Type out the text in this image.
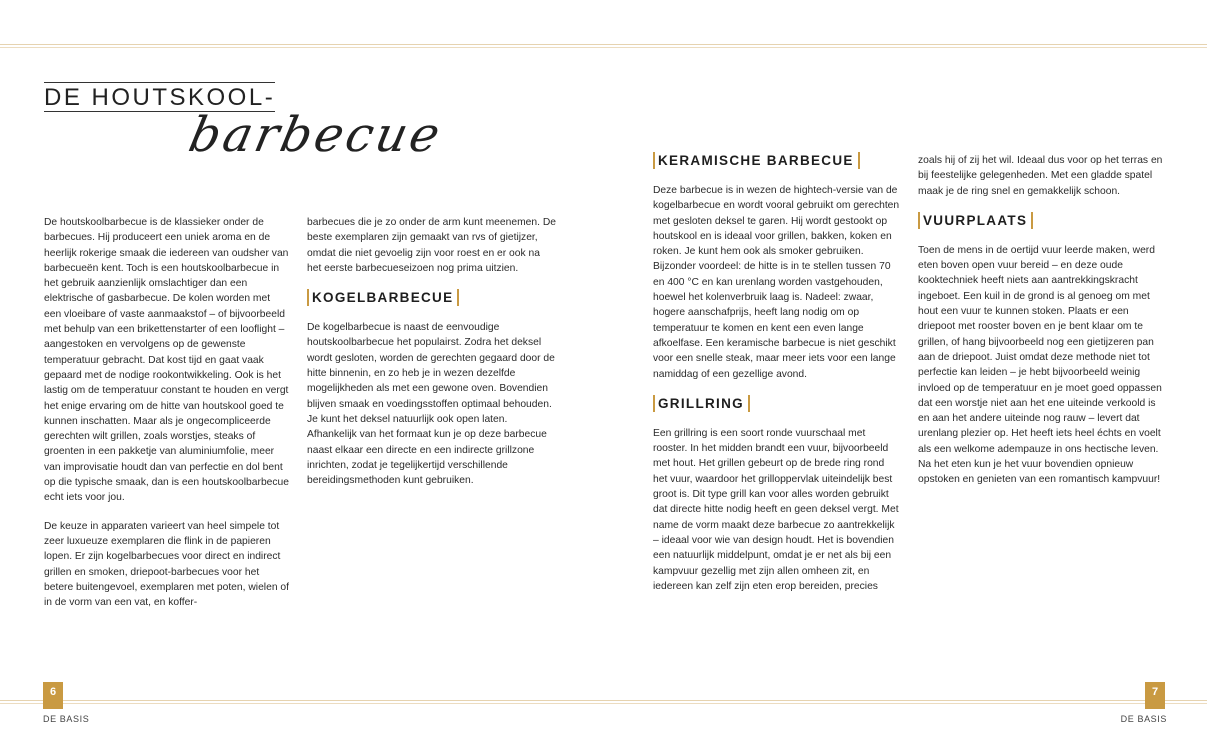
DE HOUTSKOOL-
barbecue

De houtskoolbarbecue is de klassieker onder de barbecues. Hij produceert een uniek aroma en de heerlijk rokerige smaak die iedereen van oudsher van barbecueën kent. Toch is een houtskoolbarbecue in het gebruik aanzienlijk omslachtiger dan een elektrische of gasbarbecue. De kolen worden met een vloeibare of vaste aanmaakstof – of bijvoorbeeld met behulp van een brikettenstarter of een looflight – aangestoken en vervolgens op de gewenste temperatuur gebracht. Dat kost tijd en gaat vaak gepaard met de nodige rookontwikkeling. Ook is het lastig om de temperatuur constant te houden en vergt het enige ervaring om de hitte van houtskool goed te kunnen inschatten. Maar als je ongecompliceerde gerechten wilt grillen, zoals worstjes, steaks of groenten in een pakketje van aluminiumfolie, meer van improvisatie houdt dan van perfectie en dol bent op die typische smaak, dan is een houtskoolbarbecue echt iets voor jou.

De keuze in apparaten varieert van heel simpele tot zeer luxueuze exemplaren die flink in de papieren lopen. Er zijn kogelbarbecues voor direct en indirect grillen en smoken, driepoot-barbecues voor het betere buitengevoel, exemplaren met poten, wielen of in de vorm van een vat, en koffer-

barbecues die je zo onder de arm kunt meenemen. De beste exemplaren zijn gemaakt van rvs of gietijzer, omdat die niet gevoelig zijn voor roest en er ook na het eerste barbecueseizoen nog prima uitzien.

KOGELBARBECUE

De kogelbarbecue is naast de eenvoudige houtskoolbarbecue het populairst. Zodra het deksel wordt gesloten, worden de gerechten gegaard door de hitte binnenin, en zo heb je in wezen dezelfde mogelijkheden als met een gewone oven. Bovendien blijven smaak en voedingsstoffen optimaal behouden. Je kunt het deksel natuurlijk ook open laten. Afhankelijk van het formaat kun je op deze barbecue naast elkaar een directe en een indirecte grillzone inrichten, zodat je tegelijkertijd verschillende bereidingsmethoden kunt gebruiken.

KERAMISCHE BARBECUE

Deze barbecue is in wezen de hightech-versie van de kogelbarbecue en wordt vooral gebruikt om gerechten met gesloten deksel te garen. Hij wordt gestookt op houtskool en is ideaal voor grillen, bakken, koken en roken. Je kunt hem ook als smoker gebruiken. Bijzonder voordeel: de hitte is in te stellen tussen 70 en 400 °C en kan urenlang worden vastgehouden, hoewel het kolenverbruik laag is. Nadeel: zwaar, hogere aanschafprijs, heeft lang nodig om op temperatuur te komen en kent een even lange afkoelfase. Een keramische barbecue is niet geschikt voor een snelle steak, maar meer iets voor een lange namiddag of een gezellige avond.

GRILLRING

Een grillring is een soort ronde vuurschaal met rooster. In het midden brandt een vuur, bijvoorbeeld met hout. Het grillen gebeurt op de brede ring rond het vuur, waardoor het grilloppervlak uiteindelijk best groot is. Dit type grill kan voor alles worden gebruikt dat directe hitte nodig heeft en geen deksel vergt. Met name de vorm maakt deze barbecue zo aantrekkelijk – ideaal voor wie van design houdt. Het is bovendien een natuurlijk middelpunt, omdat je er net als bij een kampvuur gezellig met zijn allen omheen zit, en iedereen kan zelf zijn eten erop bereiden, precies

zoals hij of zij het wil. Ideaal dus voor op het terras en bij feestelijke gelegenheden. Met een gladde spatel maak je de ring snel en gemakkelijk schoon.

VUURPLAATS

Toen de mens in de oertijd vuur leerde maken, werd eten boven open vuur bereid – en deze oude kooktechniek heeft niets aan aantrekkingskracht ingeboet. Een kuil in de grond is al genoeg om met hout een vuur te kunnen stoken. Plaats er een driepoot met rooster boven en je bent klaar om te grillen, of hang bijvoorbeeld nog een gietijzeren pan aan de driepoot. Juist omdat deze methode niet tot perfectie kan leiden – je hebt bijvoorbeeld weinig invloed op de temperatuur en je moet goed oppassen dat een worstje niet aan het ene uiteinde verkoold is en aan het andere uiteinde nog rauw – levert dat urenlang plezier op. Het heeft iets heel échts en voelt als een welkome adempauze in ons hectische leven. Na het eten kun je het vuur bovendien opnieuw opstoken en genieten van een romantisch kampvuur!

6
DE BASIS
7
DE BASIS
